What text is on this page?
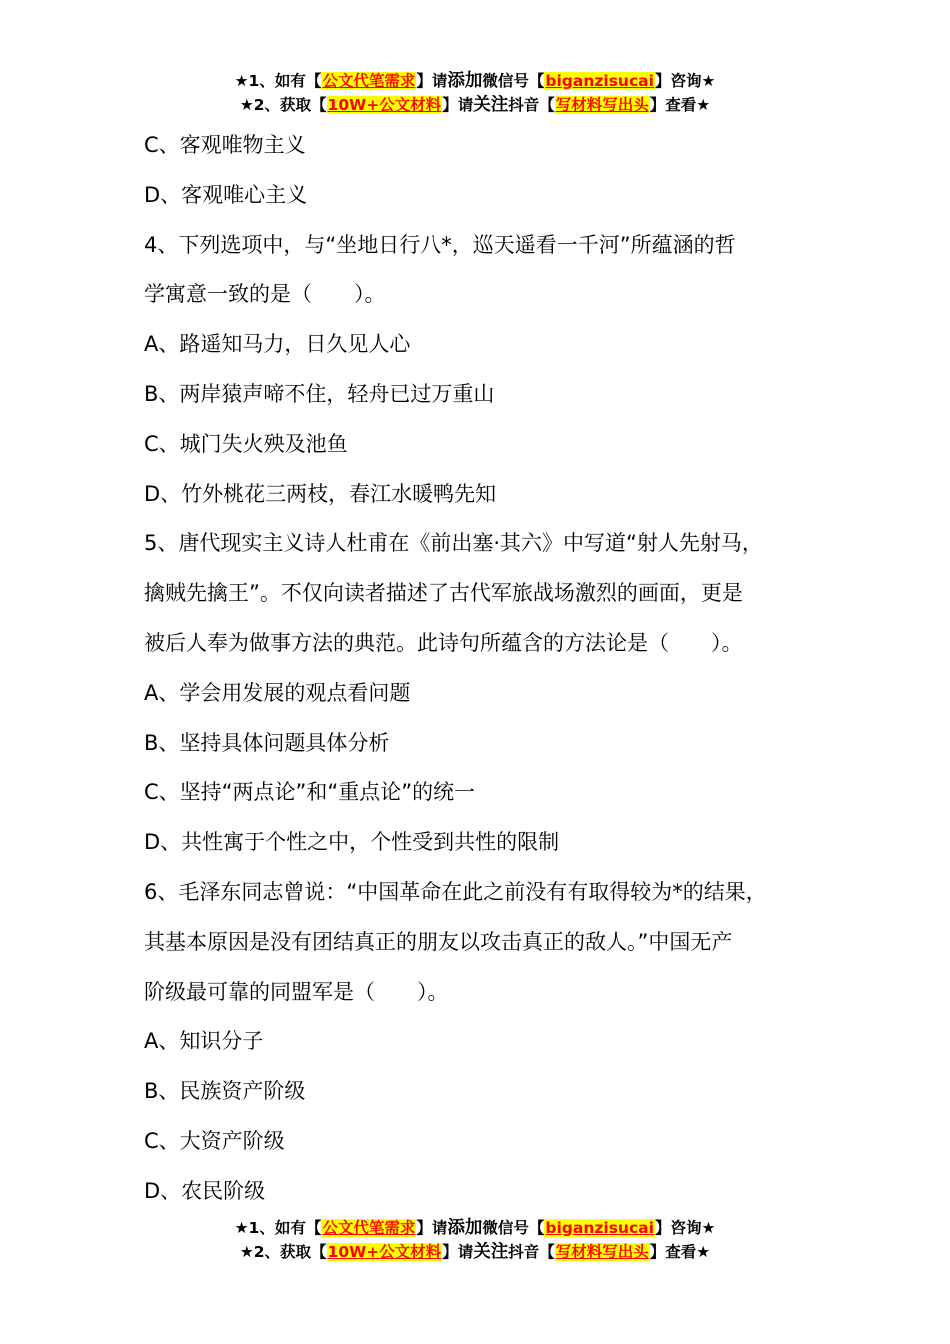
★1、如有【公文代笔需求】请添加微信号【biganzisucai】咨询★
★2、获取【10W+公文材料】请关注抖音【写材料写出头】查看★
C、客观唯物主义
D、客观唯心主义
4、下列选项中，与“坐地日行八*，巡天遥看一千河”所蕴涵的哲
学寓意一致的是（　　）。
A、路遥知马力，日久见人心
B、两岸猿声啼不住，轻舟已过万重山
C、城门失火殃及池鱼
D、竹外桃花三两枝，春江水暖鸭先知
5、唐代现实主义诗人杜甫在《前出塞·其六》中写道“射人先射马，
擒贼先擒王”。不仅向读者描述了古代军旅战场激烈的画面，更是
被后人奉为做事方法的典范。此诗句所蕴含的方法论是（　　）。
A、学会用发展的观点看问题
B、坚持具体问题具体分析
C、坚持“两点论”和“重点论”的统一
D、共性寓于个性之中，个性受到共性的限制
6、毛泽东同志曾说：“中国革命在此之前没有有取得较为*的结果，
其基本原因是没有团结真正的朋友以攻击真正的敌人。”中国无产
阶级最可靠的同盟军是（　　）。
A、知识分子
B、民族资产阶级
C、大资产阶级
D、农民阶级
★1、如有【公文代笔需求】请添加微信号【biganzisucai】咨询★
★2、获取【10W+公文材料】请关注抖音【写材料写出头】查看★
